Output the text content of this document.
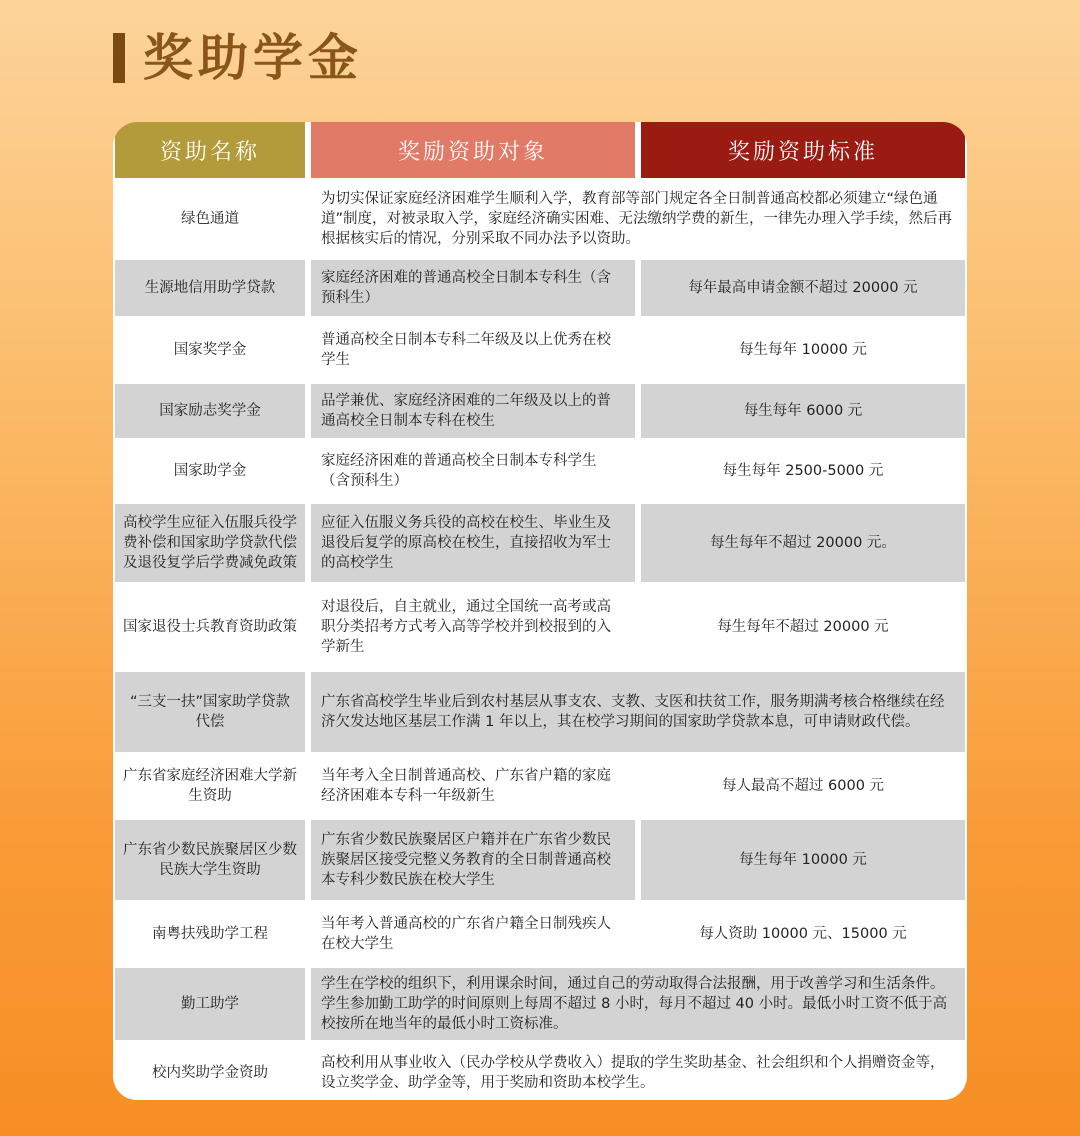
奖助学金
资助名称	奖励资助对象	奖励资助标准
绿色通道
为切实保证家庭经济困难学生顺利入学，教育部等部门规定各全日制普通高校都必须建立“绿色通道”制度，对被录取入学，家庭经济确实困难、无法缴纳学费的新生，一律先办理入学手续，然后再根据核实后的情况，分别采取不同办法予以资助。
生源地信用助学贷款
家庭经济困难的普通高校全日制本专科生（含预科生）
每年最高申请金额不超过 20000 元
国家奖学金
普通高校全日制本专科二年级及以上优秀在校学生
每生每年 10000 元
国家励志奖学金
品学兼优、家庭经济困难的二年级及以上的普通高校全日制本专科在校生
每生每年 6000 元
国家助学金
家庭经济困难的普通高校全日制本专科学生（含预科生）
每生每年 2500-5000 元
高校学生应征入伍服兵役学费补偿和国家助学贷款代偿及退役复学后学费减免政策
应征入伍服义务兵役的高校在校生、毕业生及退役后复学的原高校在校生，直接招收为军士的高校学生
每生每年不超过 20000 元。
国家退役士兵教育资助政策
对退役后，自主就业，通过全国统一高考或高职分类招考方式考入高等学校并到校报到的入学新生
每生每年不超过 20000 元
“三支一扶”国家助学贷款代偿
广东省高校学生毕业后到农村基层从事支农、支教、支医和扶贫工作，服务期满考核合格继续在经济欠发达地区基层工作满 1 年以上，其在校学习期间的国家助学贷款本息，可申请财政代偿。
广东省家庭经济困难大学新生资助
当年考入全日制普通高校、广东省户籍的家庭经济困难本专科一年级新生
每人最高不超过 6000 元
广东省少数民族聚居区少数民族大学生资助
广东省少数民族聚居区户籍并在广东省少数民族聚居区接受完整义务教育的全日制普通高校本专科少数民族在校大学生
每生每年 10000 元
南粤扶残助学工程
当年考入普通高校的广东省户籍全日制残疾人在校大学生
每人资助 10000 元、15000 元
勤工助学
学生在学校的组织下，利用课余时间，通过自己的劳动取得合法报酬，用于改善学习和生活条件。学生参加勤工助学的时间原则上每周不超过 8 小时，每月不超过 40 小时。最低小时工资不低于高校按所在地当年的最低小时工资标准。
校内奖助学金资助
高校利用从事业收入（民办学校从学费收入）提取的学生奖助基金、社会组织和个人捐赠资金等，设立奖学金、助学金等，用于奖励和资助本校学生。
